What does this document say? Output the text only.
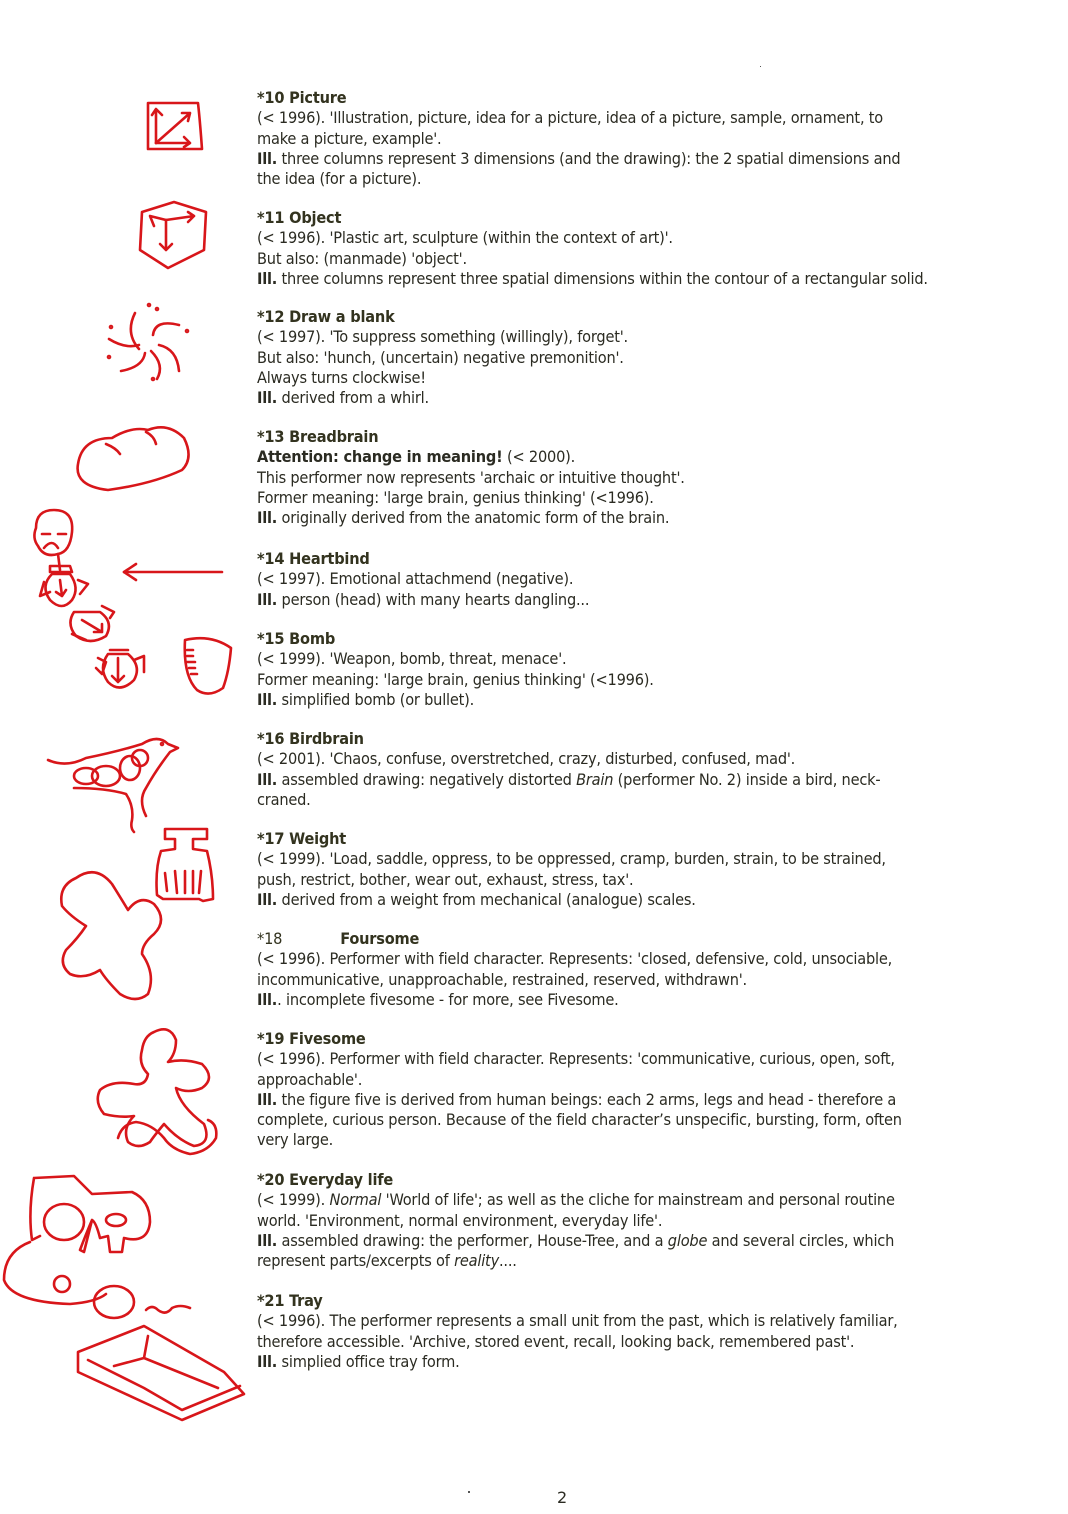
*10 Picture
(< 1996). 'Illustration, picture, idea for a picture, idea of a picture, sample, ornament, to
make a picture, example'.
Ill. three columns represent 3 dimensions (and the drawing): the 2 spatial dimensions and
the idea (for a picture).
*11 Object
(< 1996). 'Plastic art, sculpture (within the context of art)'.
But also: (manmade) 'object'.
Ill. three columns represent three spatial dimensions within the contour of a rectangular solid.
*12 Draw a blank
(< 1997). 'To suppress something (willingly), forget'.
But also: 'hunch, (uncertain) negative premonition'.
Always turns clockwise!
Ill. derived from a whirl.
*13 Breadbrain
Attention: change in meaning! (< 2000).
This performer now represents 'archaic or intuitive thought'.
Former meaning: 'large brain, genius thinking' (<1996).
Ill. originally derived from the anatomic form of the brain.
*14 Heartbind
(< 1997). Emotional attachmend (negative).
Ill. person (head) with many hearts dangling...
*15 Bomb
(< 1999). 'Weapon, bomb, threat, menace'.
Former meaning: 'large brain, genius thinking' (<1996).
Ill. simplified bomb (or bullet).
*16 Birdbrain
(< 2001). 'Chaos, confuse, overstretched, crazy, disturbed, confused, mad'.
Ill. assembled drawing: negatively distorted Brain (performer No. 2) inside a bird, neck-
craned.
*17 Weight
(< 1999). 'Load, saddle, oppress, to be oppressed, cramp, burden, strain, to be strained,
push, restrict, bother, wear out, exhaust, stress, tax'.
Ill. derived from a weight from mechanical (analogue) scales.
*18	Foursome
(< 1996). Performer with field character. Represents: 'closed, defensive, cold, unsociable,
incommunicative, unapproachable, restrained, reserved, withdrawn'.
Ill.. incomplete fivesome - for more, see Fivesome.
*19 Fivesome
(< 1996). Performer with field character. Represents: 'communicative, curious, open, soft,
approachable'.
Ill. the figure five is derived from human beings: each 2 arms, legs and head - therefore a
complete, curious person. Because of the field character’s unspecific, bursting, form, often
very large.
*20 Everyday life
(< 1999). Normal 'World of life'; as well as the cliche for mainstream and personal routine
world. 'Environment, normal environment, everyday life'.
Ill. assembled drawing: the performer, House-Tree, and a globe and several circles, which
represent parts/excerpts of reality....
*21 Tray
(< 1996). The performer represents a small unit from the past, which is relatively familiar,
therefore accessible. 'Archive, stored event, recall, looking back, remembered past'.
Ill. simplied office tray form.
2
